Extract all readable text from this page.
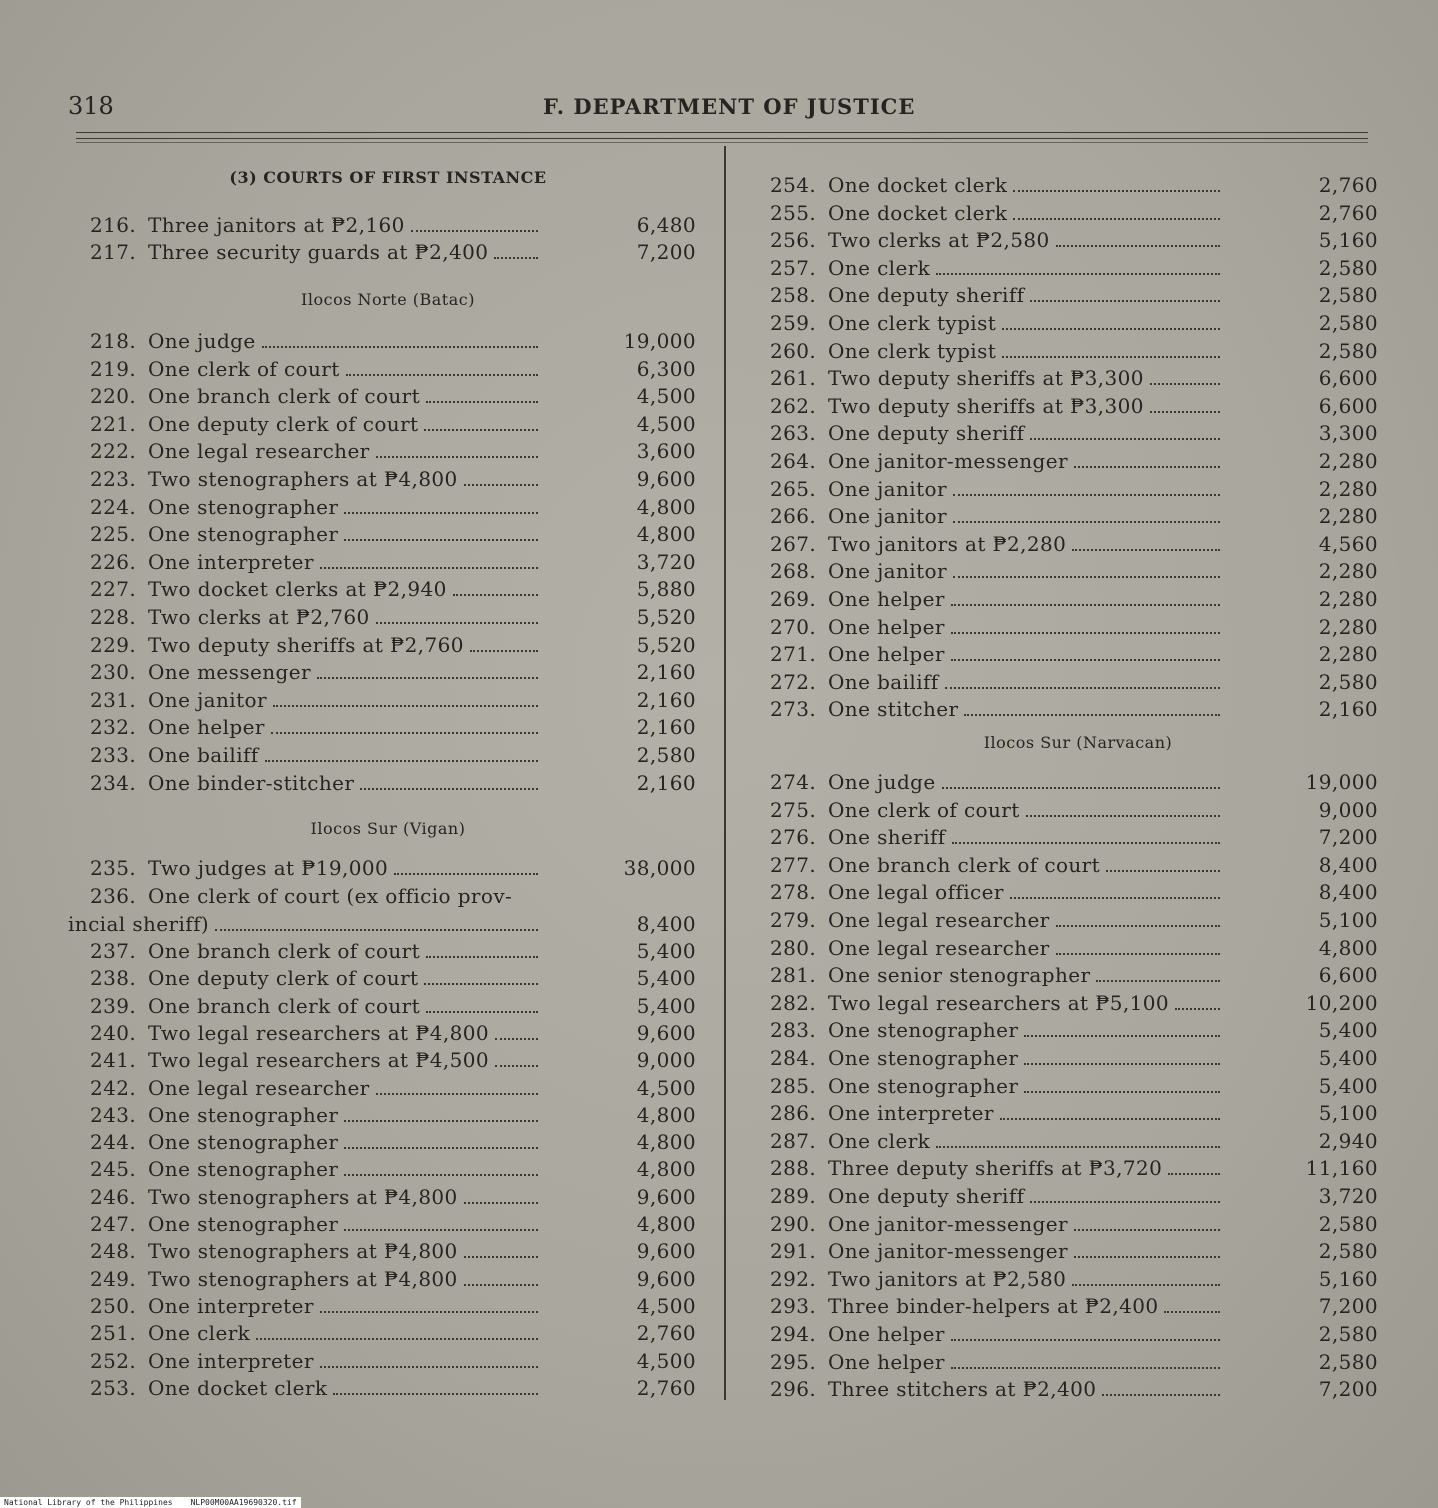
318	F. DEPARTMENT OF JUSTICE
(3) COURTS OF FIRST INSTANCE
Ilocos Norte (Batac)
Ilocos Sur (Vigan)
216. Three janitors at ₱2,160	6,480
217. Three security guards at ₱2,400	7,200
218. One judge	19,000
219. One clerk of court	6,300
220. One branch clerk of court	4,500
221. One deputy clerk of court	4,500
222. One legal researcher	3,600
223. Two stenographers at ₱4,800	9,600
224. One stenographer	4,800
225. One stenographer	4,800
226. One interpreter	3,720
227. Two docket clerks at ₱2,940	5,880
228. Two clerks at ₱2,760	5,520
229. Two deputy sheriffs at ₱2,760	5,520
230. One messenger	2,160
231. One janitor	2,160
232. One helper	2,160
233. One bailiff	2,580
234. One binder-stitcher	2,160
235. Two judges at ₱19,000	38,000
236. One clerk of court (ex officio prov-
incial sheriff)	8,400
237. One branch clerk of court	5,400
238. One deputy clerk of court	5,400
239. One branch clerk of court	5,400
240. Two legal researchers at ₱4,800	9,600
241. Two legal researchers at ₱4,500	9,000
242. One legal researcher	4,500
243. One stenographer	4,800
244. One stenographer	4,800
245. One stenographer	4,800
246. Two stenographers at ₱4,800	9,600
247. One stenographer	4,800
248. Two stenographers at ₱4,800	9,600
249. Two stenographers at ₱4,800	9,600
250. One interpreter	4,500
251. One clerk	2,760
252. One interpreter	4,500
253. One docket clerk	2,760
Ilocos Sur (Narvacan)
254. One docket clerk	2,760
255. One docket clerk	2,760
256. Two clerks at ₱2,580	5,160
257. One clerk	2,580
258. One deputy sheriff	2,580
259. One clerk typist	2,580
260. One clerk typist	2,580
261. Two deputy sheriffs at ₱3,300	6,600
262. Two deputy sheriffs at ₱3,300	6,600
263. One deputy sheriff	3,300
264. One janitor-messenger	2,280
265. One janitor	2,280
266. One janitor	2,280
267. Two janitors at ₱2,280	4,560
268. One janitor	2,280
269. One helper	2,280
270. One helper	2,280
271. One helper	2,280
272. One bailiff	2,580
273. One stitcher	2,160
274. One judge	19,000
275. One clerk of court	9,000
276. One sheriff	7,200
277. One branch clerk of court	8,400
278. One legal officer	8,400
279. One legal researcher	5,100
280. One legal researcher	4,800
281. One senior stenographer	6,600
282. Two legal researchers at ₱5,100	10,200
283. One stenographer	5,400
284. One stenographer	5,400
285. One stenographer	5,400
286. One interpreter	5,100
287. One clerk	2,940
288. Three deputy sheriffs at ₱3,720	11,160
289. One deputy sheriff	3,720
290. One janitor-messenger	2,580
291. One janitor-messenger	2,580
292. Two janitors at ₱2,580	5,160
293. Three binder-helpers at ₱2,400	7,200
294. One helper	2,580
295. One helper	2,580
296. Three stitchers at ₱2,400	7,200
National Library of the Philippines NLP00M00AA19690320.tif
